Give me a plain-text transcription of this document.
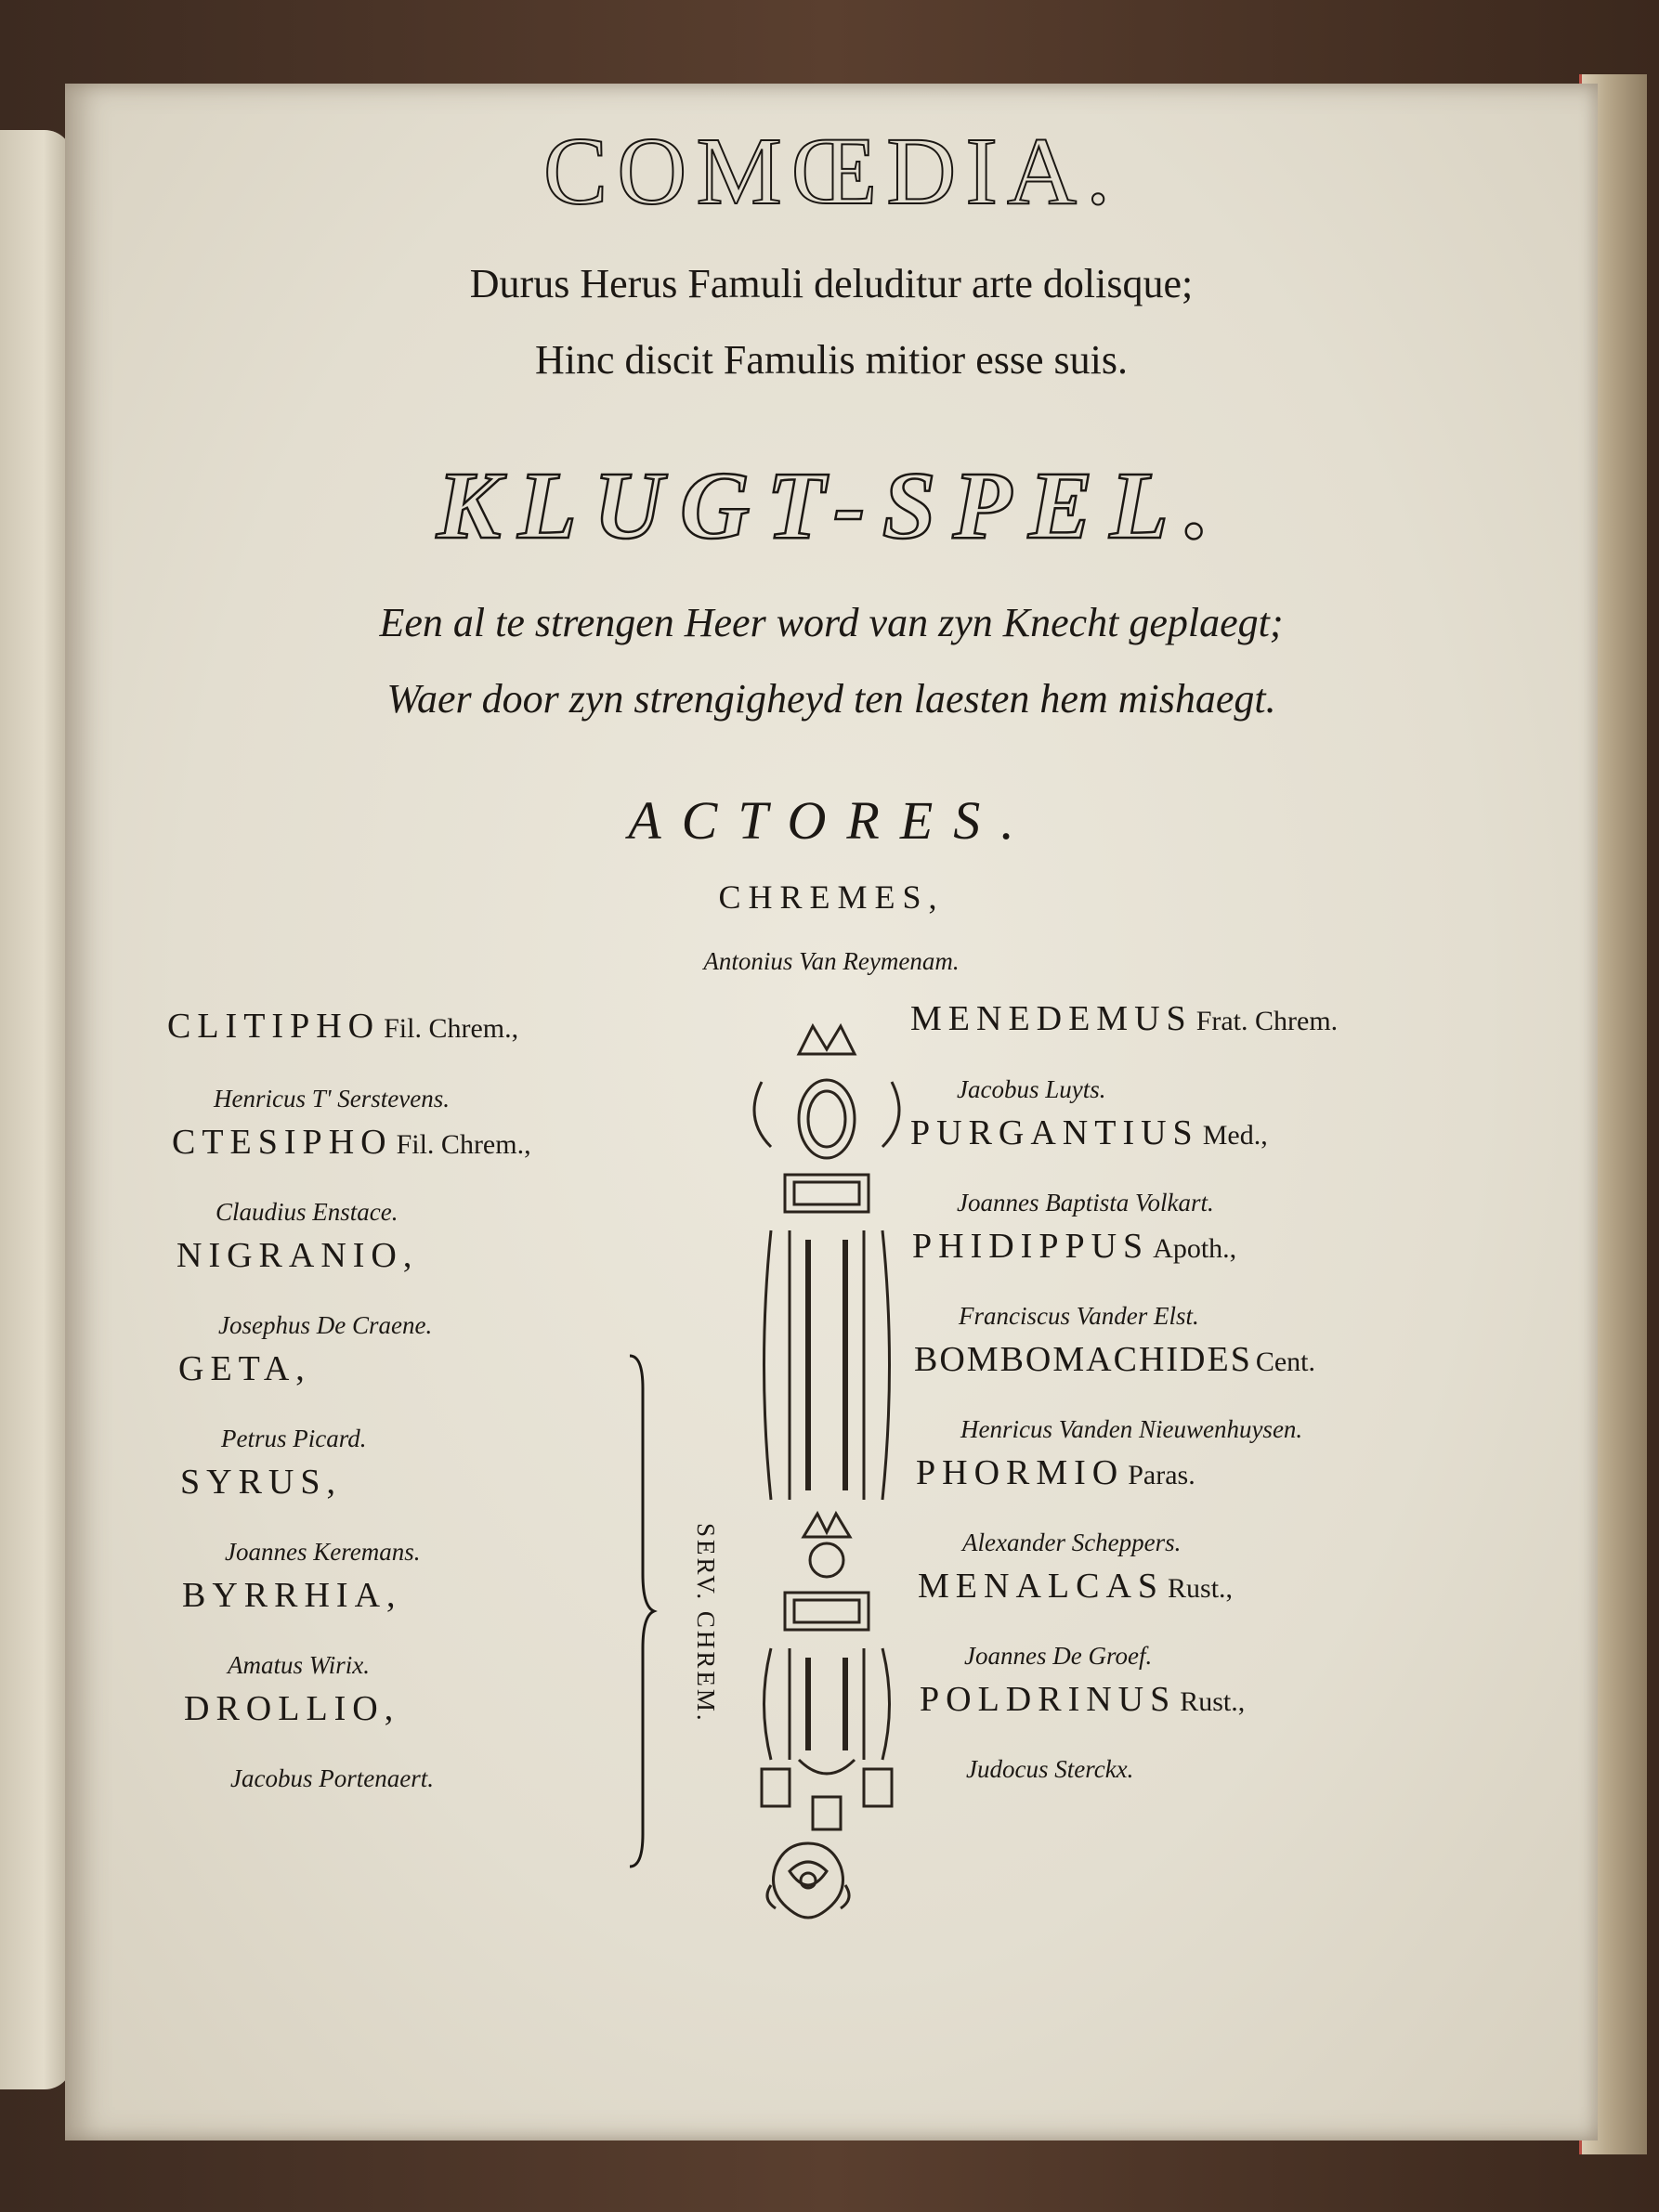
COMŒDIA.
Durus Herus Famuli deluditur arte dolisque;
Hinc discit Famulis mitior esse suis.
KLUGT-SPEL.
Een al te strengen Heer word van zyn Knecht geplaegt;
Waer door zyn strengigheyd ten laesten hem mishaegt.
ACTORES.
CHREMES,
Antonius Van Reymenam.
CLITIPHO Fil. Chrem.,
Henricus T' Serstevens.
CTESIPHO Fil. Chrem.,
Claudius Enstace.
NIGRANIO,
Josephus De Craene.
GETA,
Petrus Picard.
SYRUS,
Joannes Keremans.
BYRRHIA,
Amatus Wirix.
DROLLIO,
Jacobus Portenaert.
SERV. CHREM.
MENEDEMUS Frat. Chrem.
Jacobus Luyts.
PURGANTIUS Med.,
Joannes Baptista Volkart.
PHIDIPPUS Apoth.,
Franciscus Vander Elst.
BOMBOMACHIDES Cent.
Henricus Vanden Nieuwenhuysen.
PHORMIO Paras.
Alexander Scheppers.
MENALCAS Rust.,
Joannes De Groef.
POLDRINUS Rust.,
Judocus Sterckx.
